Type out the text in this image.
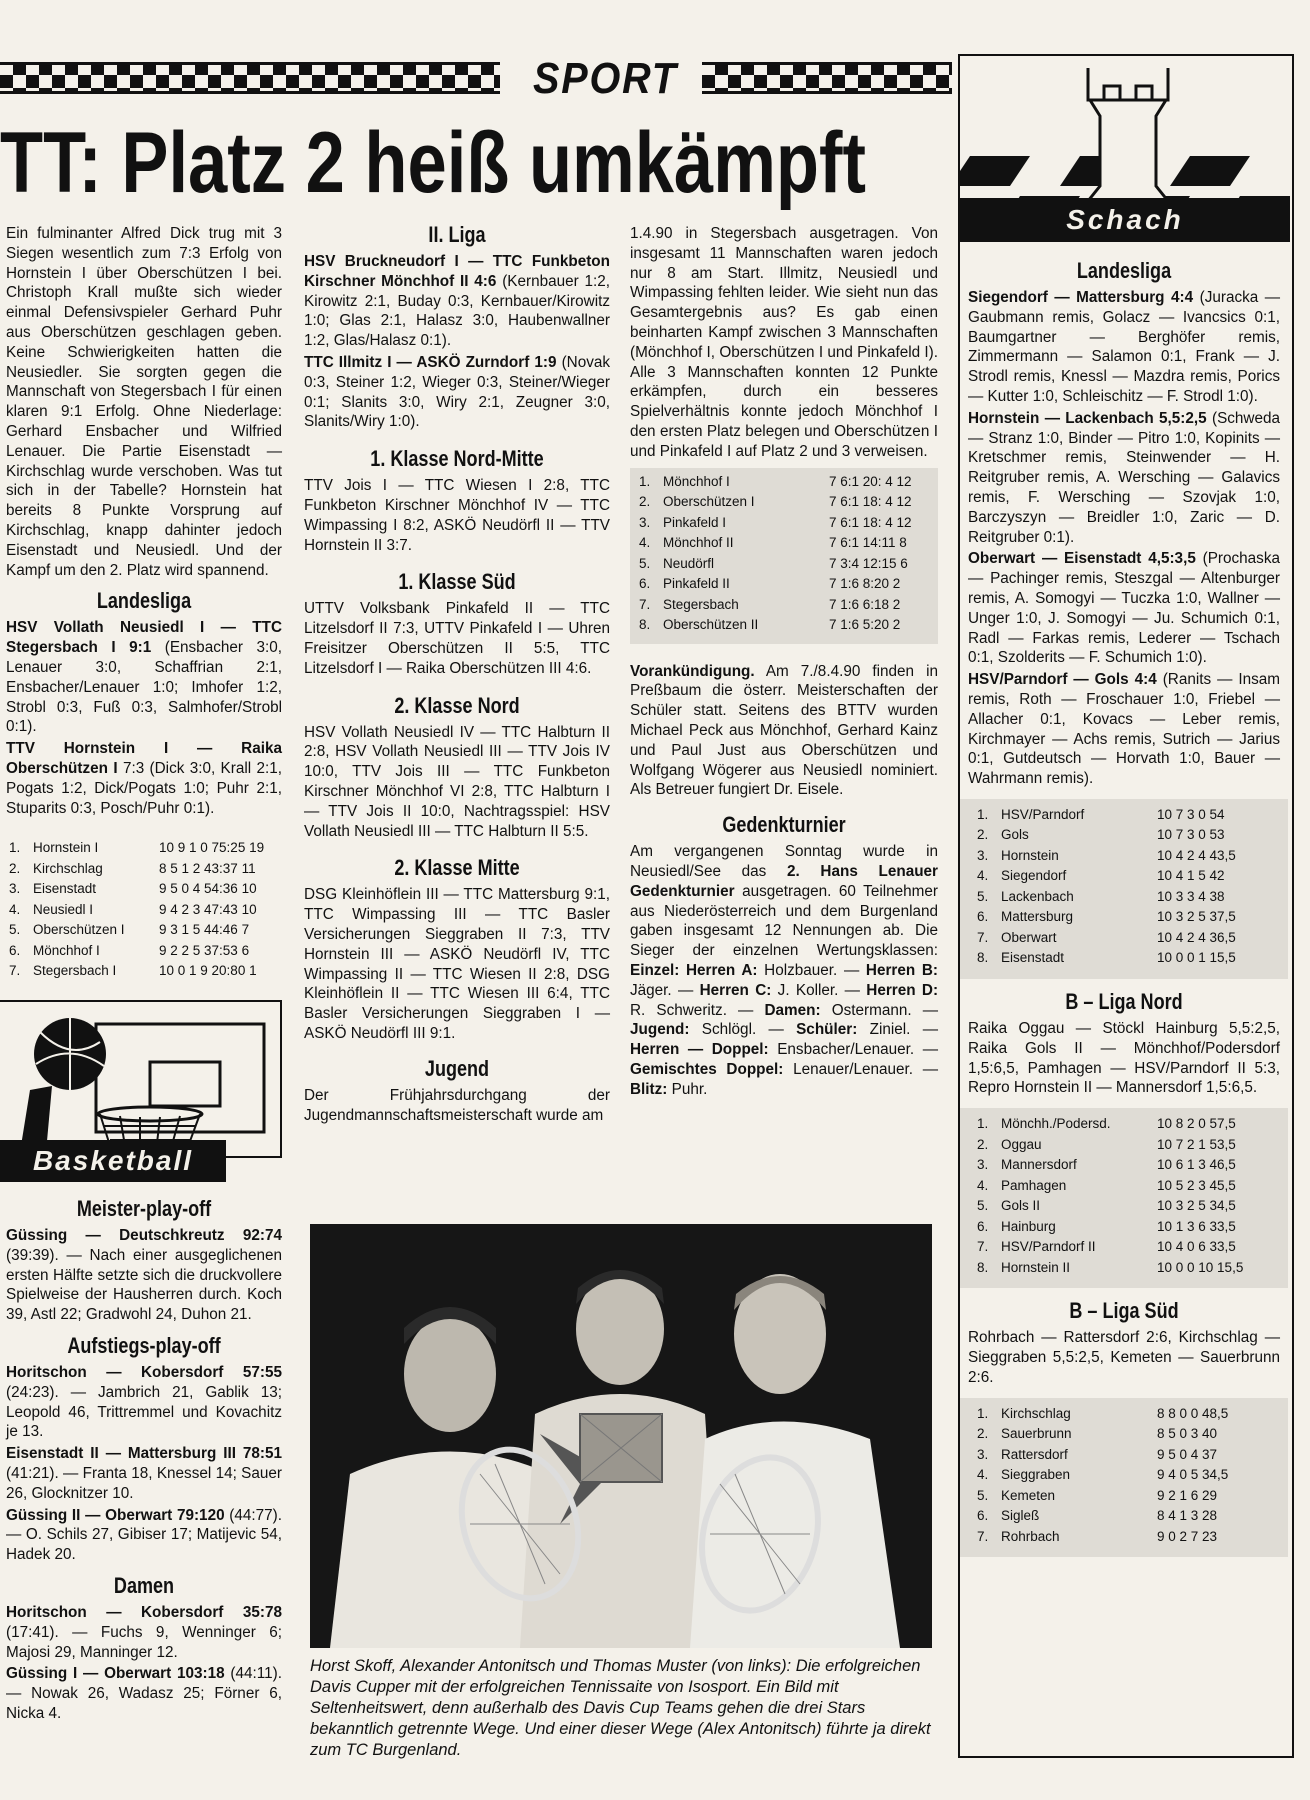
SPORT
TT: Platz 2 heiß umkämpft

Ein fulminanter Alfred Dick trug mit 3 Siegen wesentlich zum 7:3 Erfolg von Hornstein I über Oberschützen I bei. Christoph Krall mußte sich wieder einmal Defensivspieler Gerhard Puhr aus Oberschützen geschlagen geben. Keine Schwierigkeiten hatten die Neusiedler. Sie sorgten gegen die Mannschaft von Stegersbach I für einen klaren 9:1 Erfolg. Ohne Niederlage: Gerhard Ensbacher und Wilfried Lenauer. Die Partie Eisenstadt — Kirchschlag wurde verschoben. Was tut sich in der Tabelle? Hornstein hat bereits 8 Punkte Vorsprung auf Kirchschlag, knapp dahinter jedoch Eisenstadt und Neusiedl. Und der Kampf um den 2. Platz wird spannend.

Landesliga

HSV Vollath Neusiedl I — TTC Stegersbach I 9:1 (Ensbacher 3:0, Lenauer 3:0, Schaffrian 2:1, Ensbacher/Lenauer 1:0; Imhofer 1:2, Strobl 0:3, Fuß 0:3, Salmhofer/Strobl 0:1).

TTV Hornstein I — Raika Oberschützen I 7:3 (Dick 3:0, Krall 2:1, Pogats 1:2, Dick/Pogats 1:0; Puhr 2:1, Stuparits 0:3, Posch/Puhr 0:1).

1.	Hornstein I	10 9 1 0 75:25 19
2.	Kirchschlag	8 5 1 2 43:37 11
3.	Eisenstadt	9 5 0 4 54:36 10
4.	Neusiedl I	9 4 2 3 47:43 10
5.	Oberschützen I	9 3 1 5 44:46 7
6.	Mönchhof I	9 2 2 5 37:53 6
7.	Stegersbach I	10 0 1 9 20:80 1
Basketball
Meister-play-off

Güssing — Deutschkreutz 92:74 (39:39). — Nach einer ausgeglichenen ersten Hälfte setzte sich die druckvollere Spielweise der Hausherren durch. Koch 39, Astl 22; Gradwohl 24, Duhon 21.

Aufstiegs-play-off

Horitschon — Kobersdorf 57:55 (24:23). — Jambrich 21, Gablik 13; Leopold 46, Trittremmel und Kovachitz je 13.

Eisenstadt II — Mattersburg III 78:51 (41:21). — Franta 18, Knessel 14; Sauer 26, Glocknitzer 10.

Güssing II — Oberwart 79:120 (44:77). — O. Schils 27, Gibiser 17; Matijevic 54, Hadek 20.

Damen

Horitschon — Kobersdorf 35:78 (17:41). — Fuchs 9, Wenninger 6; Majosi 29, Manninger 12.

Güssing I — Oberwart 103:18 (44:11). — Nowak 26, Wadasz 25; Förner 6, Nicka 4.

II. Liga

HSV Bruckneudorf I — TTC Funkbeton Kirschner Mönchhof II 4:6 (Kernbauer 1:2, Kirowitz 2:1, Buday 0:3, Kernbauer/Kirowitz 1:0; Glas 2:1, Halasz 3:0, Haubenwallner 1:2, Glas/Halasz 0:1).

TTC Illmitz I — ASKÖ Zurndorf 1:9 (Novak 0:3, Steiner 1:2, Wieger 0:3, Steiner/Wieger 0:1; Slanits 3:0, Wiry 2:1, Zeugner 3:0, Slanits/Wiry 1:0).

1. Klasse Nord-Mitte

TTV Jois I — TTC Wiesen I 2:8, TTC Funkbeton Kirschner Mönchhof IV — TTC Wimpassing I 8:2, ASKÖ Neudörfl II — TTV Hornstein II 3:7.

1. Klasse Süd

UTTV Volksbank Pinkafeld II — TTC Litzelsdorf II 7:3, UTTV Pinkafeld I — Uhren Freisitzer Oberschützen II 5:5, TTC Litzelsdorf I — Raika Oberschützen III 4:6.

2. Klasse Nord

HSV Vollath Neusiedl IV — TTC Halbturn II 2:8, HSV Vollath Neusiedl III — TTV Jois IV 10:0, TTV Jois III — TTC Funkbeton Kirschner Mönchhof VI 2:8, TTC Halbturn I — TTV Jois II 10:0, Nachtragsspiel: HSV Vollath Neusiedl III — TTC Halbturn II 5:5.

2. Klasse Mitte

DSG Kleinhöflein III — TTC Mattersburg 9:1, TTC Wimpassing III — TTC Basler Versicherungen Sieggraben II 7:3, TTV Hornstein III — ASKÖ Neudörfl IV, TTC Wimpassing II — TTC Wiesen II 2:8, DSG Kleinhöflein II — TTC Wiesen III 6:4, TTC Basler Versicherungen Sieggraben I — ASKÖ Neudörfl III 9:1.

Jugend

Der Frühjahrsdurchgang der Jugendmannschaftsmeisterschaft wurde am

1.4.90 in Stegersbach ausgetragen. Von insgesamt 11 Mannschaften waren jedoch nur 8 am Start. Illmitz, Neusiedl und Wimpassing fehlten leider. Wie sieht nun das Gesamtergebnis aus? Es gab einen beinharten Kampf zwischen 3 Mannschaften (Mönchhof I, Oberschützen I und Pinkafeld I). Alle 3 Mannschaften konnten 12 Punkte erkämpfen, durch ein besseres Spielverhältnis konnte jedoch Mönchhof I den ersten Platz belegen und Oberschützen I und Pinkafeld I auf Platz 2 und 3 verweisen.

1.	Mönchhof I	7 6:1 20: 4 12
2.	Oberschützen I	7 6:1 18: 4 12
3.	Pinkafeld I	7 6:1 18: 4 12
4.	Mönchhof II	7 6:1 14:11 8
5.	Neudörfl	7 3:4 12:15 6
6.	Pinkafeld II	7 1:6 8:20 2
7.	Stegersbach	7 1:6 6:18 2
8.	Oberschützen II	7 1:6 5:20 2

Vorankündigung. Am 7./8.4.90 finden in Preßbaum die österr. Meisterschaften der Schüler statt. Seitens des BTTV wurden Michael Peck aus Mönchhof, Gerhard Kainz und Paul Just aus Oberschützen und Wolfgang Wögerer aus Neusiedl nominiert. Als Betreuer fungiert Dr. Eisele.

Gedenkturnier

Am vergangenen Sonntag wurde in Neusiedl/See das 2. Hans Lenauer Gedenkturnier ausgetragen. 60 Teilnehmer aus Niederösterreich und dem Burgenland gaben insgesamt 12 Nennungen ab. Die Sieger der einzelnen Wertungsklassen: Einzel: Herren A: Holzbauer. — Herren B: Jäger. — Herren C: J. Koller. — Herren D: R. Schweritz. — Damen: Ostermann. — Jugend: Schlögl. — Schüler: Ziniel. — Herren — Doppel: Ensbacher/Lenauer. — Gemischtes Doppel: Lenauer/Lenauer. — Blitz: Puhr.

Horst Skoff, Alexander Antonitsch und Thomas Muster (von links): Die erfolgreichen Davis Cupper mit der erfolgreichen Tennissaite von Isosport. Ein Bild mit Seltenheitswert, denn außerhalb des Davis Cup Teams gehen die drei Stars bekanntlich getrennte Wege. Und einer dieser Wege (Alex Antonitsch) führte ja direkt zum TC Burgenland.
Schach
Landesliga

Siegendorf — Mattersburg 4:4 (Juracka — Gaubmann remis, Golacz — Ivancsics 0:1, Baumgartner — Berghöfer remis, Zimmermann — Salamon 0:1, Frank — J. Strodl remis, Knessl — Mazdra remis, Porics — Kutter 1:0, Schleischitz — F. Strodl 1:0).

Hornstein — Lackenbach 5,5:2,5 (Schweda — Stranz 1:0, Binder — Pitro 1:0, Kopinits — Kretschmer remis, Steinwender — H. Reitgruber remis, A. Wersching — Galavics remis, F. Wersching — Szovjak 1:0, Barczyszyn — Breidler 1:0, Zaric — D. Reitgruber 0:1).

Oberwart — Eisenstadt 4,5:3,5 (Prochaska — Pachinger remis, Steszgal — Altenburger remis, A. Somogyi — Tuczka 1:0, Wallner — Unger 1:0, J. Somogyi — Ju. Schumich 0:1, Radl — Farkas remis, Lederer — Tschach 0:1, Szolderits — F. Schumich 1:0).

HSV/Parndorf — Gols 4:4 (Ranits — Insam remis, Roth — Froschauer 1:0, Friebel — Allacher 0:1, Kovacs — Leber remis, Kirchmayer — Achs remis, Sutrich — Jarius 0:1, Gutdeutsch — Horvath 1:0, Bauer — Wahrmann remis).

1.	HSV/Parndorf	10 7 3 0 54
2.	Gols	10 7 3 0 53
3.	Hornstein	10 4 2 4 43,5
4.	Siegendorf	10 4 1 5 42
5.	Lackenbach	10 3 3 4 38
6.	Mattersburg	10 3 2 5 37,5
7.	Oberwart	10 4 2 4 36,5
8.	Eisenstadt	10 0 0 1 15,5
B – Liga Nord

Raika Oggau — Stöckl Hainburg 5,5:2,5, Raika Gols II — Mönchhof/Podersdorf 1,5:6,5, Pamhagen — HSV/Parndorf II 5:3, Repro Hornstein II — Mannersdorf 1,5:6,5.

1.	Mönchh./Podersd.	10 8 2 0 57,5
2.	Oggau	10 7 2 1 53,5
3.	Mannersdorf	10 6 1 3 46,5
4.	Pamhagen	10 5 2 3 45,5
5.	Gols II	10 3 2 5 34,5
6.	Hainburg	10 1 3 6 33,5
7.	HSV/Parndorf II	10 4 0 6 33,5
8.	Hornstein II	10 0 0 10 15,5
B – Liga Süd

Rohrbach — Rattersdorf 2:6, Kirchschlag — Sieggraben 5,5:2,5, Kemeten — Sauerbrunn 2:6.

1.	Kirchschlag	8 8 0 0 48,5
2.	Sauerbrunn	8 5 0 3 40
3.	Rattersdorf	9 5 0 4 37
4.	Sieggraben	9 4 0 5 34,5
5.	Kemeten	9 2 1 6 29
6.	Sigleß	8 4 1 3 28
7.	Rohrbach	9 0 2 7 23
